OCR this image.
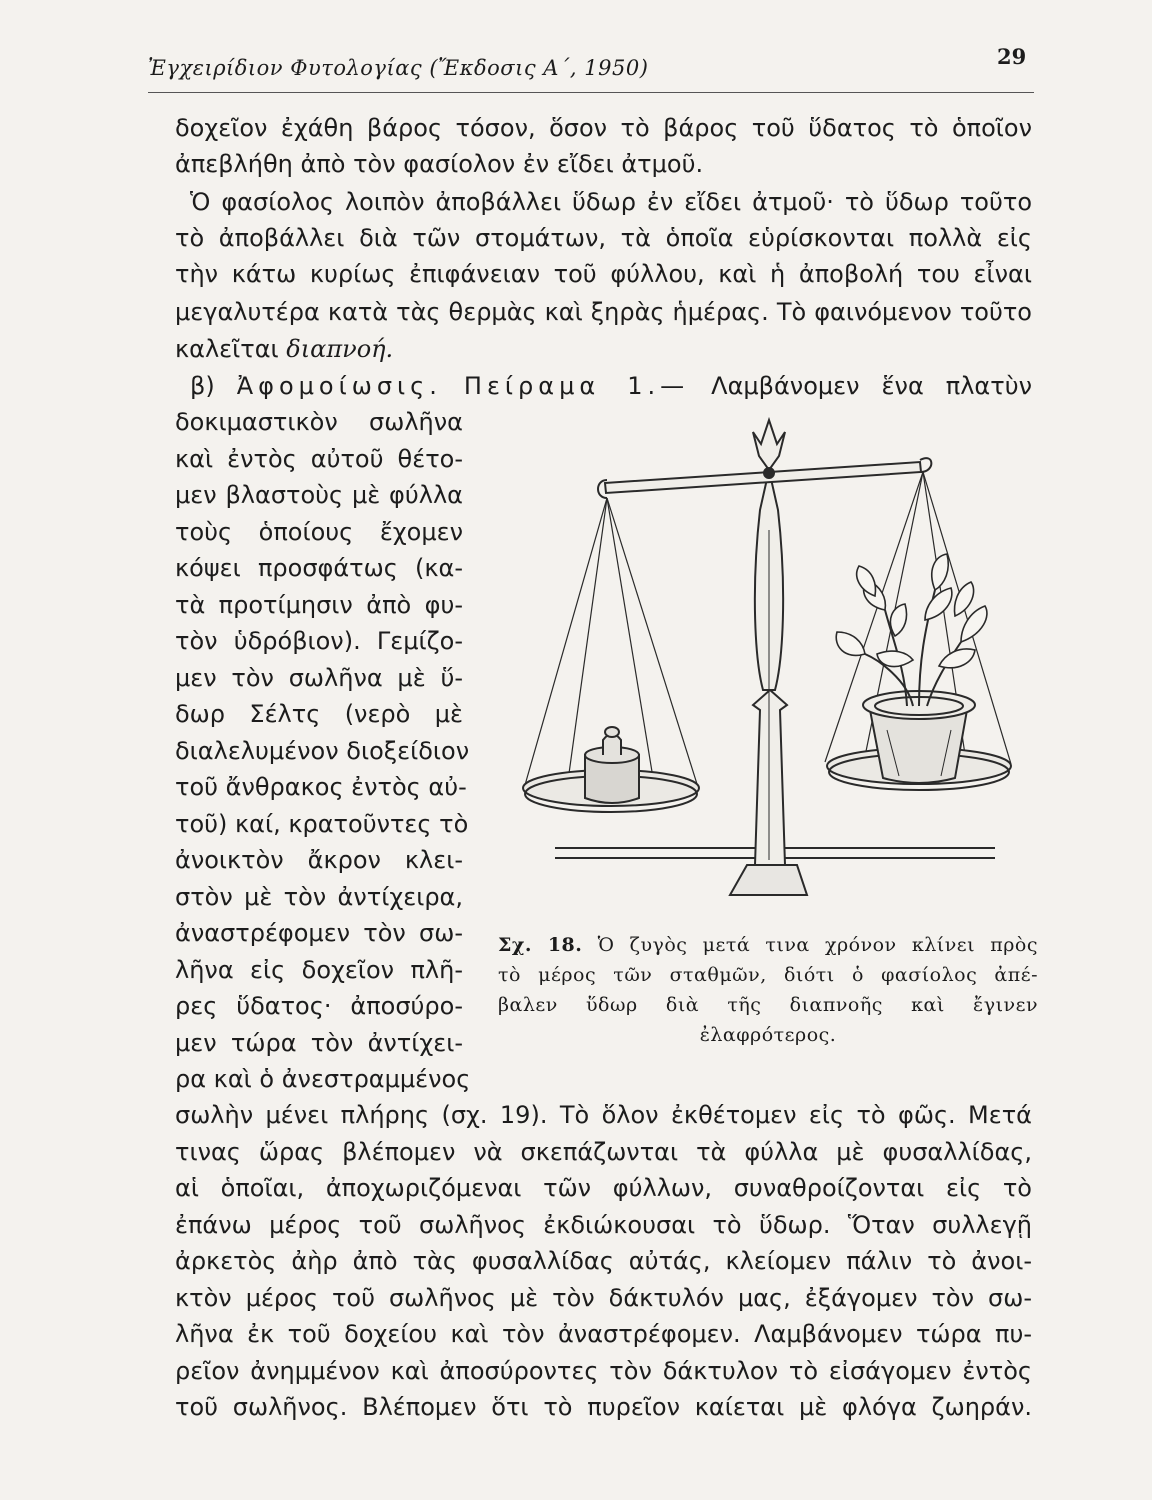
Ἐγχειρίδιον Φυτολογίας (Ἔκδοσις Α΄, 1950)	29
δοχεῖον ἐχάθη βάρος τόσον, ὅσον τὸ βάρος τοῦ ὕδατος τὸ ὁποῖον
ἀπεβλήθη ἀπὸ τὸν φασίολον ἐν εἴδει ἀτμοῦ.
Ὁ φασίολος λοιπὸν ἀποβάλλει ὕδωρ ἐν εἴδει ἀτμοῦ· τὸ ὕδωρ τοῦτο
τὸ ἀποβάλλει διὰ τῶν στομάτων, τὰ ὁποῖα εὑρίσκονται πολλὰ εἰς
τὴν κάτω κυρίως ἐπιφάνειαν τοῦ φύλλου, καὶ ἡ ἀποβολή του εἶναι
μεγαλυτέρα κατὰ τὰς θερμὰς καὶ ξηρὰς ἡμέρας. Τὸ φαινόμενον τοῦτο
καλεῖται διαπνοή.
β) Ἀφομοίωσις. Πείραμα 1.— Λαμβάνομεν ἕνα πλατὺν
δοκιμαστικὸν σωλῆνα
καὶ ἐντὸς αὐτοῦ θέτο-
μεν βλαστοὺς μὲ φύλλα
τοὺς ὁποίους ἔχομεν
κόψει προσφάτως (κα-
τὰ προτίμησιν ἀπὸ φυ-
τὸν ὑδρόβιον). Γεμίζο-
μεν τὸν σωλῆνα μὲ ὕ-
δωρ Σέλτς (νερὸ μὲ
διαλελυμένον διοξείδιον
τοῦ ἄνθρακος ἐντὸς αὐ-
τοῦ) καί, κρατοῦντες τὸ
ἀνοικτὸν ἄκρον κλει-
στὸν μὲ τὸν ἀντίχειρα,
ἀναστρέφομεν τὸν σω-
λῆνα εἰς δοχεῖον πλῆ-
ρες ὕδατος· ἀποσύρο-
μεν τώρα τὸν ἀντίχει-
ρα καὶ ὁ ἀνεστραμμένος
σωλὴν μένει πλήρης (σχ. 19). Τὸ ὅλον ἐκθέτομεν εἰς τὸ φῶς. Μετά
τινας ὥρας βλέπομεν νὰ σκεπάζωνται τὰ φύλλα μὲ φυσαλλίδας,
αἱ ὁποῖαι, ἀποχωριζόμεναι τῶν φύλλων, συναθροίζονται εἰς τὸ
ἐπάνω μέρος τοῦ σωλῆνος ἐκδιώκουσαι τὸ ὕδωρ. Ὅταν συλλεγῇ
ἀρκετὸς ἀὴρ ἀπὸ τὰς φυσαλλίδας αὐτάς, κλείομεν πάλιν τὸ ἀνοι-
κτὸν μέρος τοῦ σωλῆνος μὲ τὸν δάκτυλόν μας, ἐξάγομεν τὸν σω-
λῆνα ἐκ τοῦ δοχείου καὶ τὸν ἀναστρέφομεν. Λαμβάνομεν τώρα πυ-
ρεῖον ἀνημμένον καὶ ἀποσύροντες τὸν δάκτυλον τὸ εἰσάγομεν ἐντὸς
τοῦ σωλῆνος. Βλέπομεν ὅτι τὸ πυρεῖον καίεται μὲ φλόγα ζωηράν.
Σχ. 18. Ὁ ζυγὸς μετά τινα χρόνον κλίνει πρὸς
τὸ μέρος τῶν σταθμῶν, διότι ὁ φασίολος ἀπέ-
βαλεν ὕδωρ διὰ τῆς διαπνοῆς καὶ ἔγινεν
ἐλαφρότερος.
